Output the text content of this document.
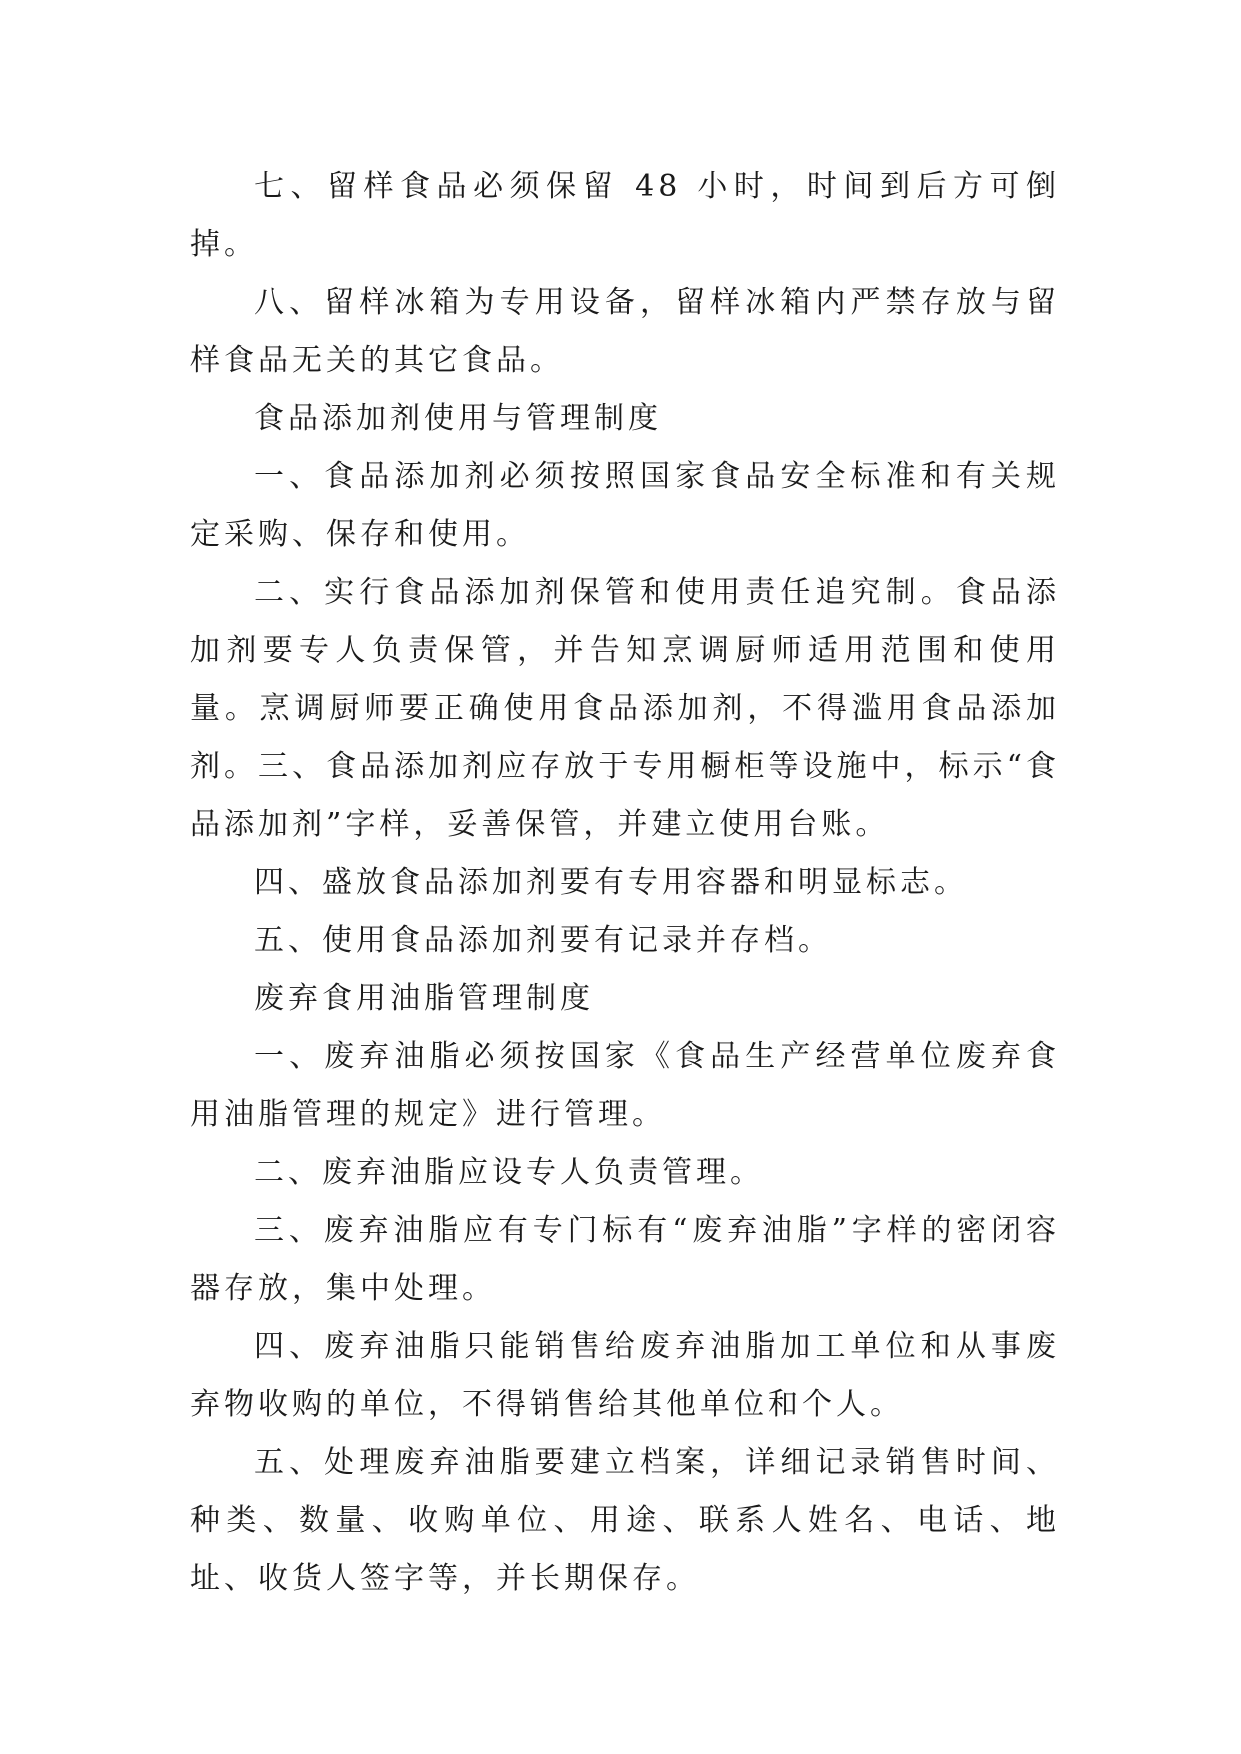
七、留样食品必须保留 48 小时，时间到后方可倒掉。

八、留样冰箱为专用设备，留样冰箱内严禁存放与留样食品无关的其它食品。

食品添加剂使用与管理制度

一、食品添加剂必须按照国家食品安全标准和有关规定采购、保存和使用。

二、实行食品添加剂保管和使用责任追究制。食品添加剂要专人负责保管，并告知烹调厨师适用范围和使用量。烹调厨师要正确使用食品添加剂，不得滥用食品添加剂。三、食品添加剂应存放于专用橱柜等设施中，标示“食品添加剂”字样，妥善保管，并建立使用台账。

四、盛放食品添加剂要有专用容器和明显标志。

五、使用食品添加剂要有记录并存档。

废弃食用油脂管理制度

一、废弃油脂必须按国家《食品生产经营单位废弃食用油脂管理的规定》进行管理。

二、废弃油脂应设专人负责管理。

三、废弃油脂应有专门标有“废弃油脂”字样的密闭容器存放，集中处理。

四、废弃油脂只能销售给废弃油脂加工单位和从事废弃物收购的单位，不得销售给其他单位和个人。

五、处理废弃油脂要建立档案，详细记录销售时间、种类、数量、收购单位、用途、联系人姓名、电话、地址、收货人签字等，并长期保存。
